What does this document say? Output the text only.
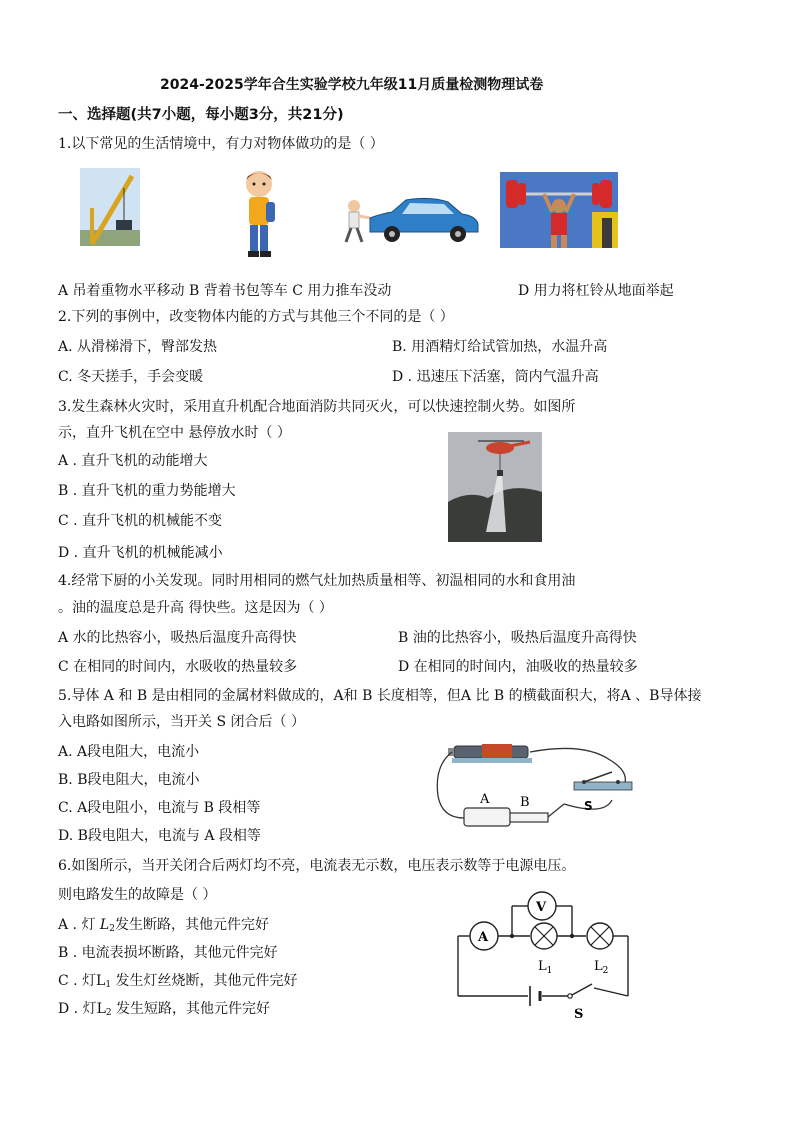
2024-2025学年合生实验学校九年级11月质量检测物理试卷
一、选择题(共7小题，每小题3分，共21分)
1.以下常见的生活情境中，有力对物体做功的是（ ）
A 吊着重物水平移动 B 背着书包等车 C 用力推车没动	D 用力将杠铃从地面举起
2.下列的事例中，改变物体内能的方式与其他三个不同的是（ ）
A. 从滑梯滑下，臀部发热	B. 用酒精灯给试管加热，水温升高
C. 冬天搓手，手会变暖	D . 迅速压下活塞，筒内气温升高
3.发生森林火灾时，采用直升机配合地面消防共同灭火，可以快速控制火势。如图所
示，直升飞机在空中 悬停放水时（ ）
A . 直升飞机的动能增大
B . 直升飞机的重力势能增大
C . 直升飞机的机械能不变
D . 直升飞机的机械能减小
4.经常下厨的小关发现。同时用相同的燃气灶加热质量相等、初温相同的水和食用油
。油的温度总是升高 得快些。这是因为（ ）
A 水的比热容小，吸热后温度升高得快	B 油的比热容小，吸热后温度升高得快
C 在相同的时间内，水吸收的热量较多	D 在相同的时间内，油吸收的热量较多
5.导体 A 和 B 是由相同的金属材料做成的，A和 B 长度相等，但A 比 B 的横截面积大，将A 、B导体接
入电路如图所示，当开关 S 闭合后（ ）
A. A段电阻大，电流小
B. B段电阻大，电流小
C. A段电阻小，电流与 B 段相等
D. B段电阻大，电流与 A 段相等
S
A B
6.如图所示，当开关闭合后两灯均不亮，电流表无示数，电压表示数等于电源电压。
则电路发生的故障是（ ）
A . 灯 $L_2$发生断路，其他元件完好
B . 电流表损坏断路，其他元件完好
C . 灯$L_1$ 发生灯丝烧断，其他元件完好
D . 灯$L_2$ 发生短路，其他元件完好	S
A
V
$L_1$	$L_2$
